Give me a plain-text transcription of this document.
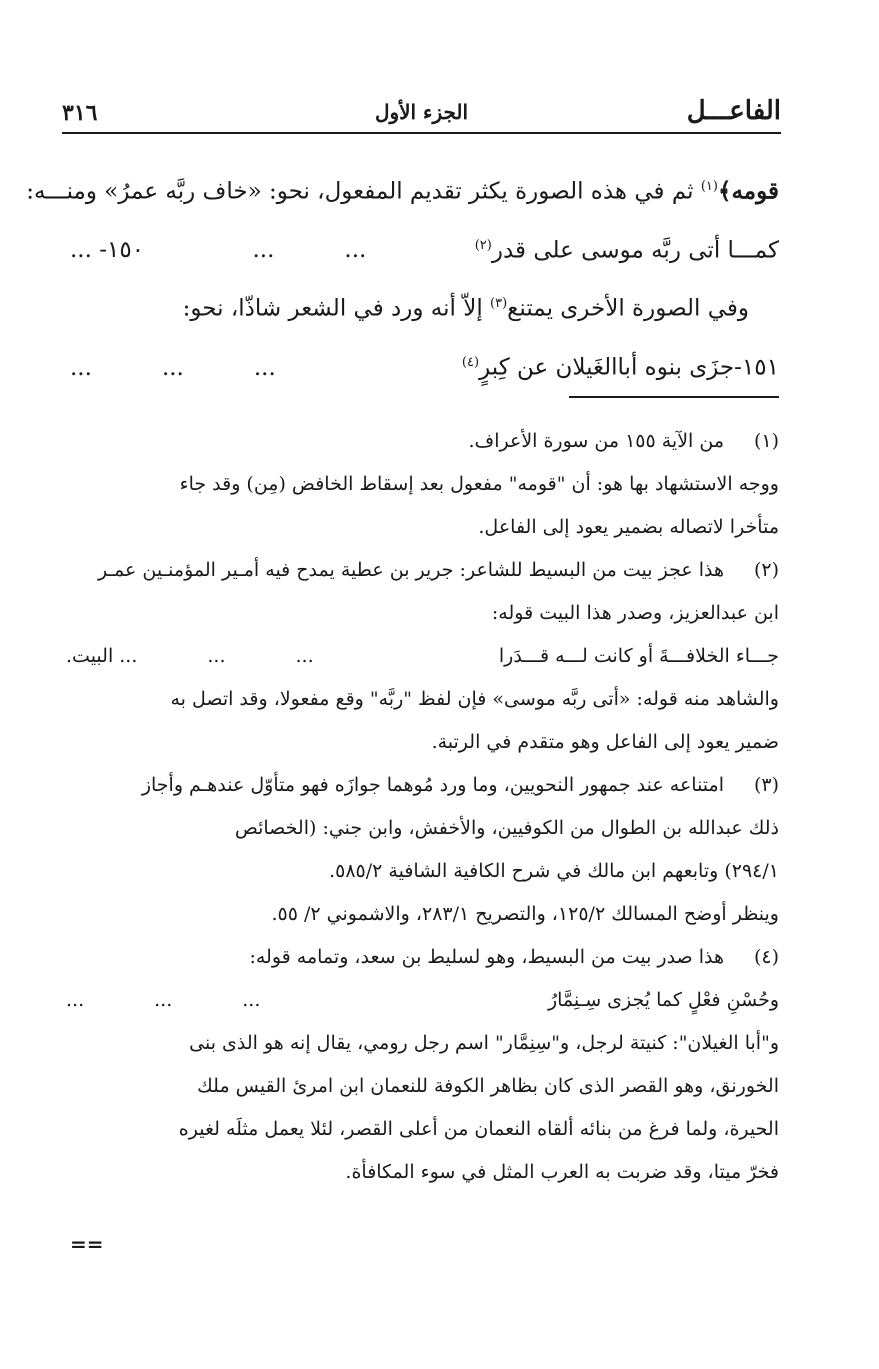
الفاعـــل
الجزء الأول
٣١٦
قومه﴾$^{(١)}$ ثم في هذه الصورة يكثر تقديم المفعول، نحو: «خاف ربَّه عمرُ» ومنـــه:
كمـــا أتى ربَّه موسى على قدر$^{(٢)}$
...
...
١٥٠- ...
وفي الصورة الأخرى يمتنع$^{(٣)}$ إلاّ أنه ورد في الشعر شاذّا، نحو:
١٥١-جزَى بنوه أباالغَيلان عن كِبرٍ$^{(٤)}$
...
...
...
(١)
من الآية ١٥٥ من سورة الأعراف.
ووجه الاستشهاد بها هو: أن "قومه" مفعول بعد إسقاط الخافض (مِن) وقد جاء
متأخرا لاتصاله بضمير يعود إلى الفاعل.
(٢)
هذا عجز بيت من البسيط للشاعر: جرير بن عطية يمدح فيه أمـير المؤمنـين عمـر
ابن عبدالعزيز، وصدر هذا البيت قوله:
جـــاء الخلافـــةَ أو كانت لـــه قـــدَرا
...
...
... البيت.
والشاهد منه قوله: «أتى ربَّه موسى» فإن لفظ "ربَّه" وقع مفعولا، وقد اتصل به
ضمير يعود إلى الفاعل وهو متقدم في الرتبة.
(٣)
امتناعه عند جمهور النحويين، وما ورد مُوهما جوازَه فهو متأوّل عندهـم وأجاز
ذلك عبدالله بن الطوال من الكوفيين، والأخفش، وابن جني: (الخصائص
٢٩٤/١) وتابعهم ابن مالك في شرح الكافية الشافية ٥٨٥/٢.
وينظر أوضح المسالك ١٢٥/٢، والتصريح ٢٨٣/١، والاشموني ٢/ ٥٥.
(٤)
هذا صدر بيت من البسيط، وهو لسليط بن سعد، وتمامه قوله:
وحُسْنِ فعْلٍ كما يُجزى سِـنِمَّارُ
...
...
...
و"أبا الغيلان": كنيتة لرجل، و"سِنِمَّار" اسم رجل رومي، يقال إنه هو الذى بنى
الخورنق، وهو القصر الذى كان بظاهر الكوفة للنعمان ابن امرئ القيس ملك
الحيرة، ولما فرغ من بنائه ألقاه النعمان من أعلى القصر، لئلا يعمل مثلَه لغيره
فخرّ ميتا، وقد ضربت به العرب المثل في سوء المكافأة.
==
